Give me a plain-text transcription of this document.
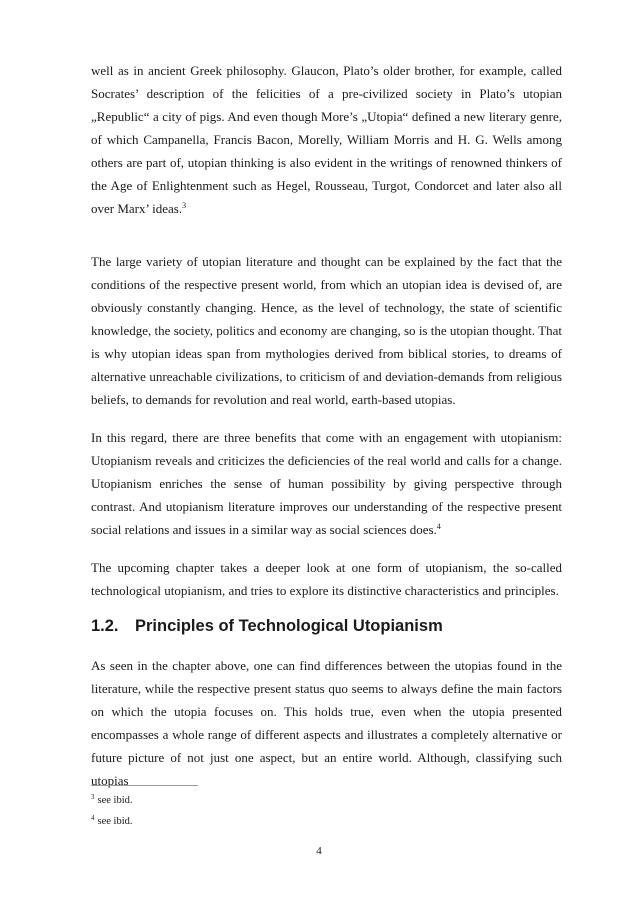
well as in ancient Greek philosophy. Glaucon, Plato’s older brother, for example, called Socrates’ description of the felicities of a pre-civilized society in Plato’s utopian „Republic“ a city of pigs. And even though More’s „Utopia“ defined a new literary genre, of which Campanella, Francis Bacon, Morelly, William Morris and H. G. Wells among others are part of, utopian thinking is also evident in the writings of renowned thinkers of the Age of Enlightenment such as Hegel, Rousseau, Turgot, Condorcet and later also all over Marx’ ideas.$^3$

The large variety of utopian literature and thought can be explained by the fact that the conditions of the respective present world, from which an utopian idea is devised of, are obviously constantly changing. Hence, as the level of technology, the state of scientific knowledge, the society, politics and economy are changing, so is the utopian thought. That is why utopian ideas span from mythologies derived from biblical stories, to dreams of alternative unreachable civilizations, to criticism of and deviation-demands from religious beliefs, to demands for revolution and real world, earth-based utopias.

In this regard, there are three benefits that come with an engagement with utopianism: Utopianism reveals and criticizes the deficiencies of the real world and calls for a change. Utopianism enriches the sense of human possibility by giving perspective through contrast. And utopianism literature improves our understanding of the respective present social relations and issues in a similar way as social sciences does.$^4$

The upcoming chapter takes a deeper look at one form of utopianism, the so-called technological utopianism, and tries to explore its distinctive characteristics and principles.

1.2. Principles of Technological Utopianism

As seen in the chapter above, one can find differences between the utopias found in the literature, while the respective present status quo seems to always define the main factors on which the utopia focuses on. This holds true, even when the utopia presented encompasses a whole range of different aspects and illustrates a completely alternative or future picture of not just one aspect, but an entire world. Although, classifying such utopias

$^3$ see ibid.

$^4$ see ibid.

4
